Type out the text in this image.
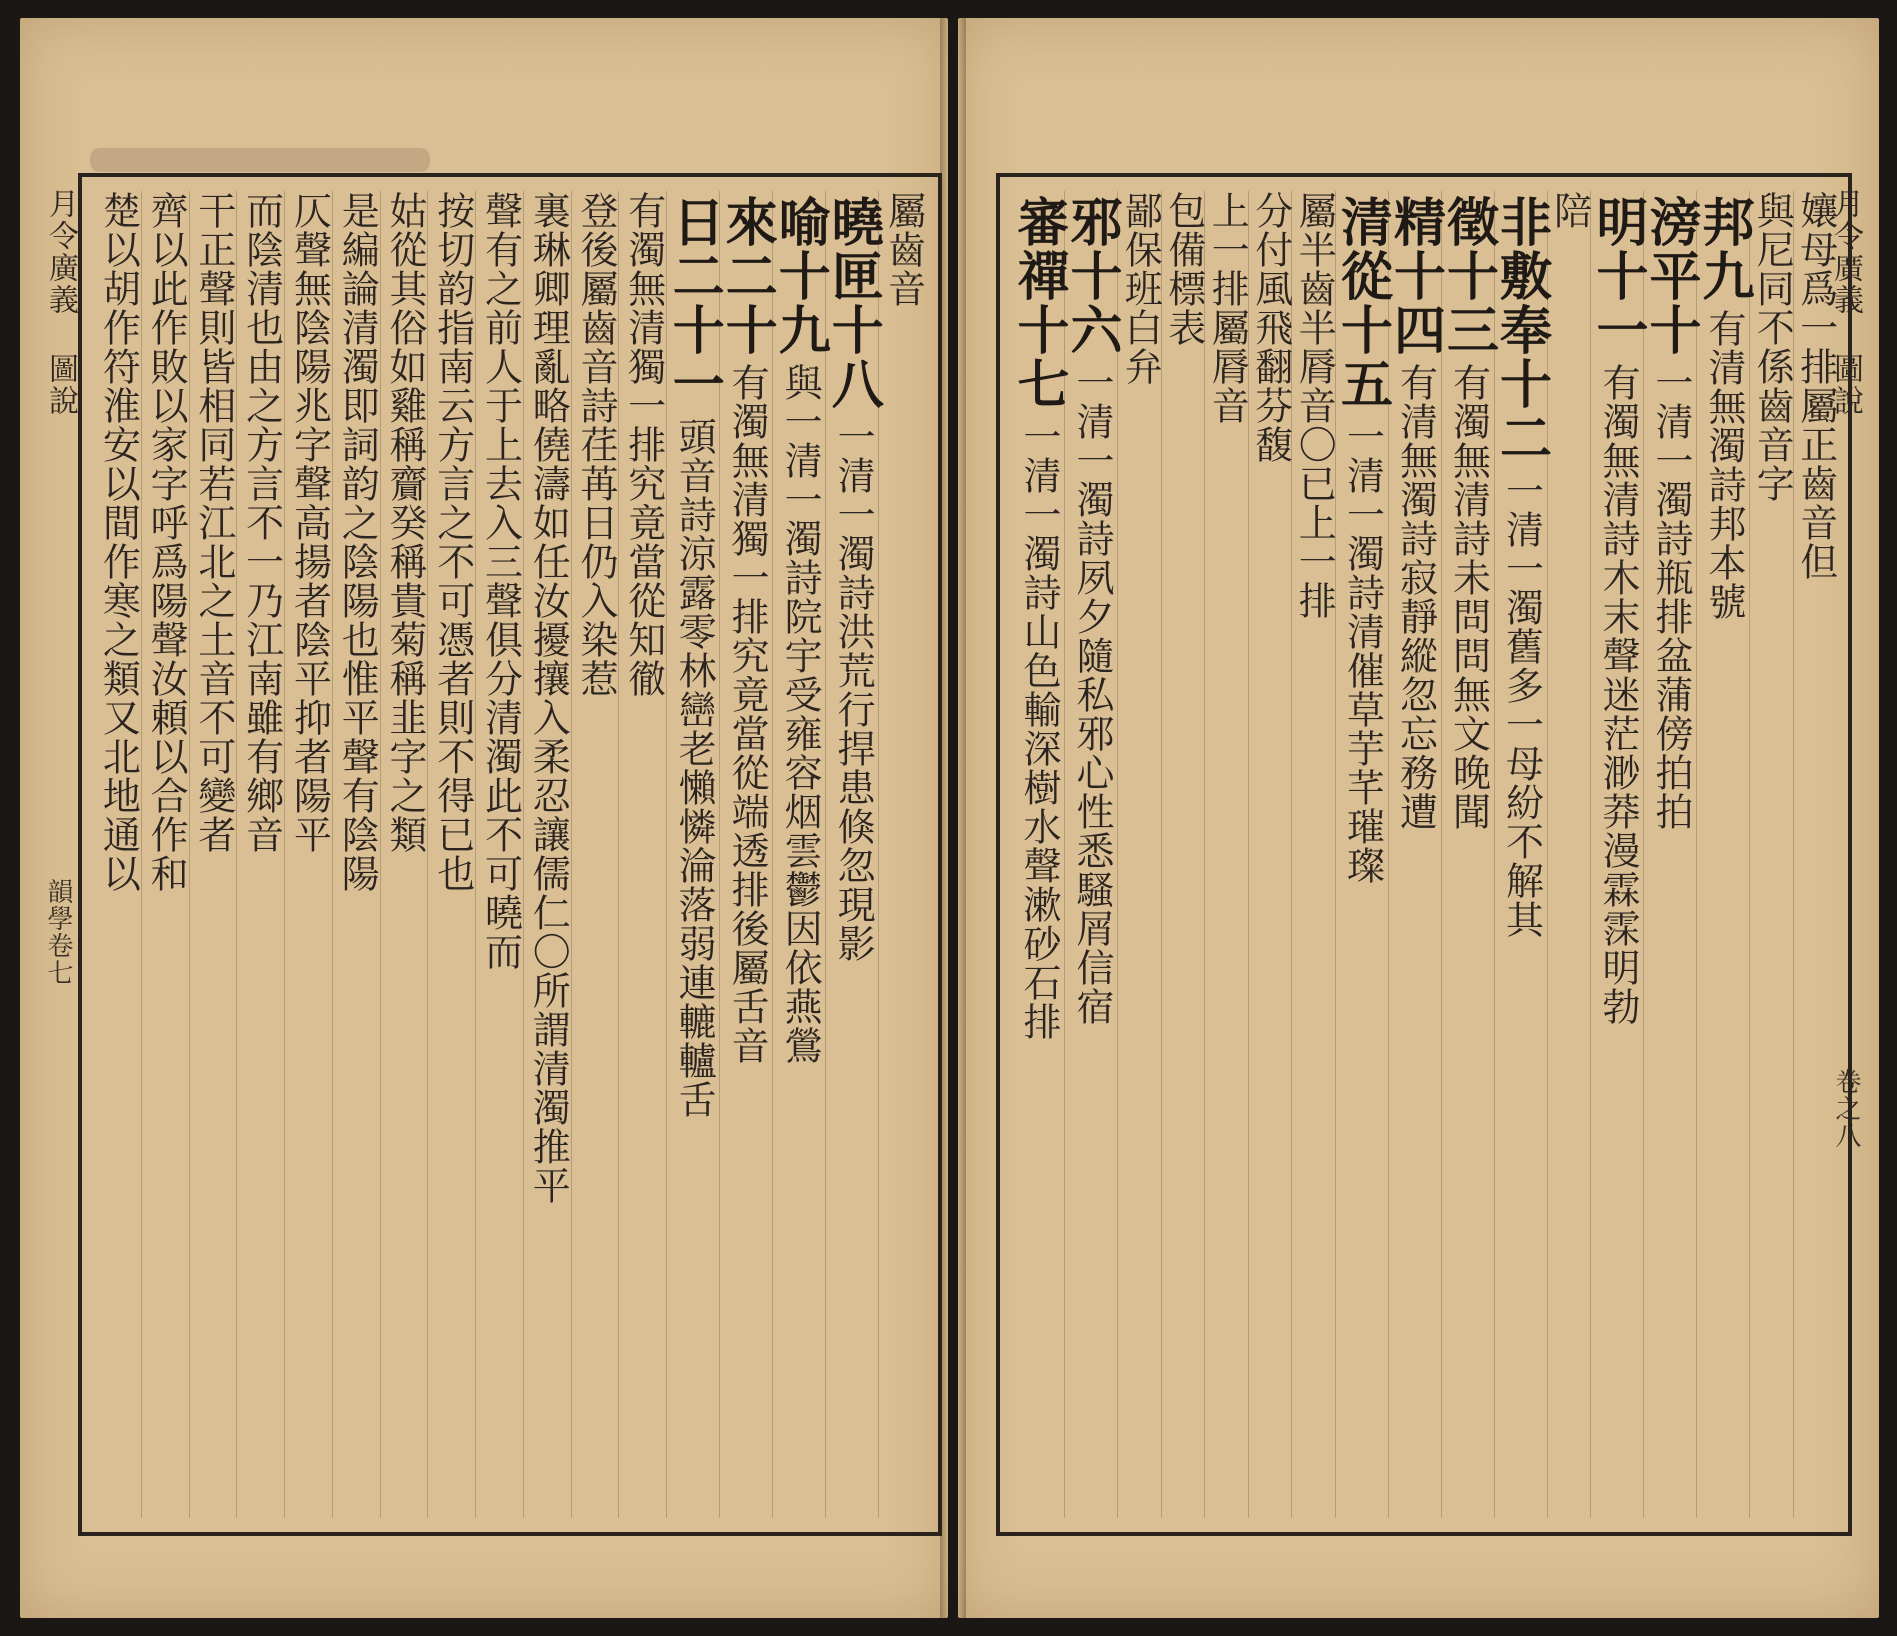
月令廣義 圖說
韻學卷七
屬齒音
曉匣十八
一清一濁詩洪荒行捍患倏忽現影
喻十九
與一清一濁詩院宇受雍容烟雲鬱因依燕鶯
來二十
有濁無清獨一排究竟當從端透排後屬舌音
日二十一
頭音詩涼露零林巒老懶憐淪落弱連轆轤舌
有濁無清獨一排究竟當從知徹
登後屬齒音詩荏苒日仍入染惹
裏琳卿理亂略僥濤如任汝擾攘入柔忍讓儒仁〇所謂清濁推平
聲有之前人于上去入三聲俱分清濁此不可曉而
按切韵指南云方言之不可憑者則不得已也
姑從其俗如雞稱齎癸稱貴菊稱韭字之類
是編論清濁即詞韵之陰陽也惟平聲有陰陽
仄聲無陰陽兆字聲高揚者陰平抑者陽平
而陰清也由之方言不一乃江南雖有鄉音
干正聲則皆相同若江北之土音不可變者
齊以此作敗以家字呼爲陽聲汝頼以合作和
楚以胡作符淮安以間作寒之類又北地通以	月令廣義 圖說
卷之八
孃母爲一排屬正齒音但
與尼同不係齒音字
邦九
有清無濁詩邦本號
滂平十
一清一濁詩瓶排盆蒲傍拍拍
明十一
有濁無清詩木末聲迷茫渺莽漫霖霂明勃
陪
非敷奉十二
一清一濁舊多一母紛不解其
徵十三
有濁無清詩未問問無文晚聞
精十四
有清無濁詩寂靜縱忽忘務遭
清從十五
一清一濁詩清催草芋芊璀璨
屬半齒半脣音〇已上一排
分付風飛翻芬馥
上一排屬脣音
包備標表
鄙保班白弁
邪十六
一清一濁詩夙夕隨私邪心性悉騷屑信宿
審禪十七
一清一濁詩山色輸深樹水聲漱砂石排
